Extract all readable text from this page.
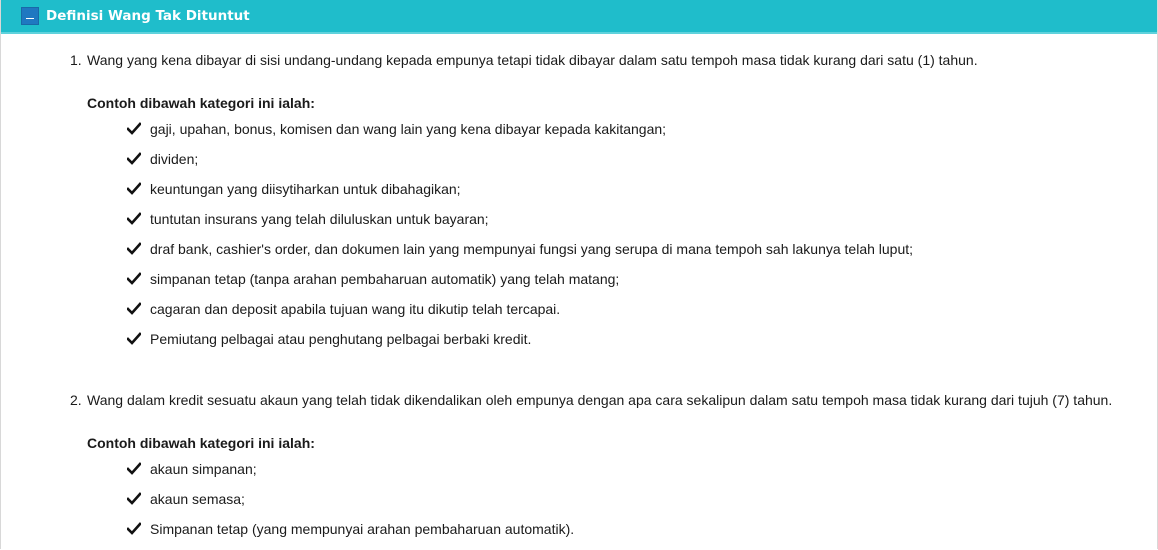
Definisi Wang Tak Dituntut
1. Wang yang kena dibayar di sisi undang-undang kepada empunya tetapi tidak dibayar dalam satu tempoh masa tidak kurang dari satu (1) tahun.
Contoh dibawah kategori ini ialah:
gaji, upahan, bonus, komisen dan wang lain yang kena dibayar kepada kakitangan;
dividen;
keuntungan yang diisytiharkan untuk dibahagikan;
tuntutan insurans yang telah diluluskan untuk bayaran;
draf bank, cashier's order, dan dokumen lain yang mempunyai fungsi yang serupa di mana tempoh sah lakunya telah luput;
simpanan tetap (tanpa arahan pembaharuan automatik) yang telah matang;
cagaran dan deposit apabila tujuan wang itu dikutip telah tercapai.
Pemiutang pelbagai atau penghutang pelbagai berbaki kredit.
2. Wang dalam kredit sesuatu akaun yang telah tidak dikendalikan oleh empunya dengan apa cara sekalipun dalam satu tempoh masa tidak kurang dari tujuh (7) tahun.
Contoh dibawah kategori ini ialah:
akaun simpanan;
akaun semasa;
Simpanan tetap (yang mempunyai arahan pembaharuan automatik).
